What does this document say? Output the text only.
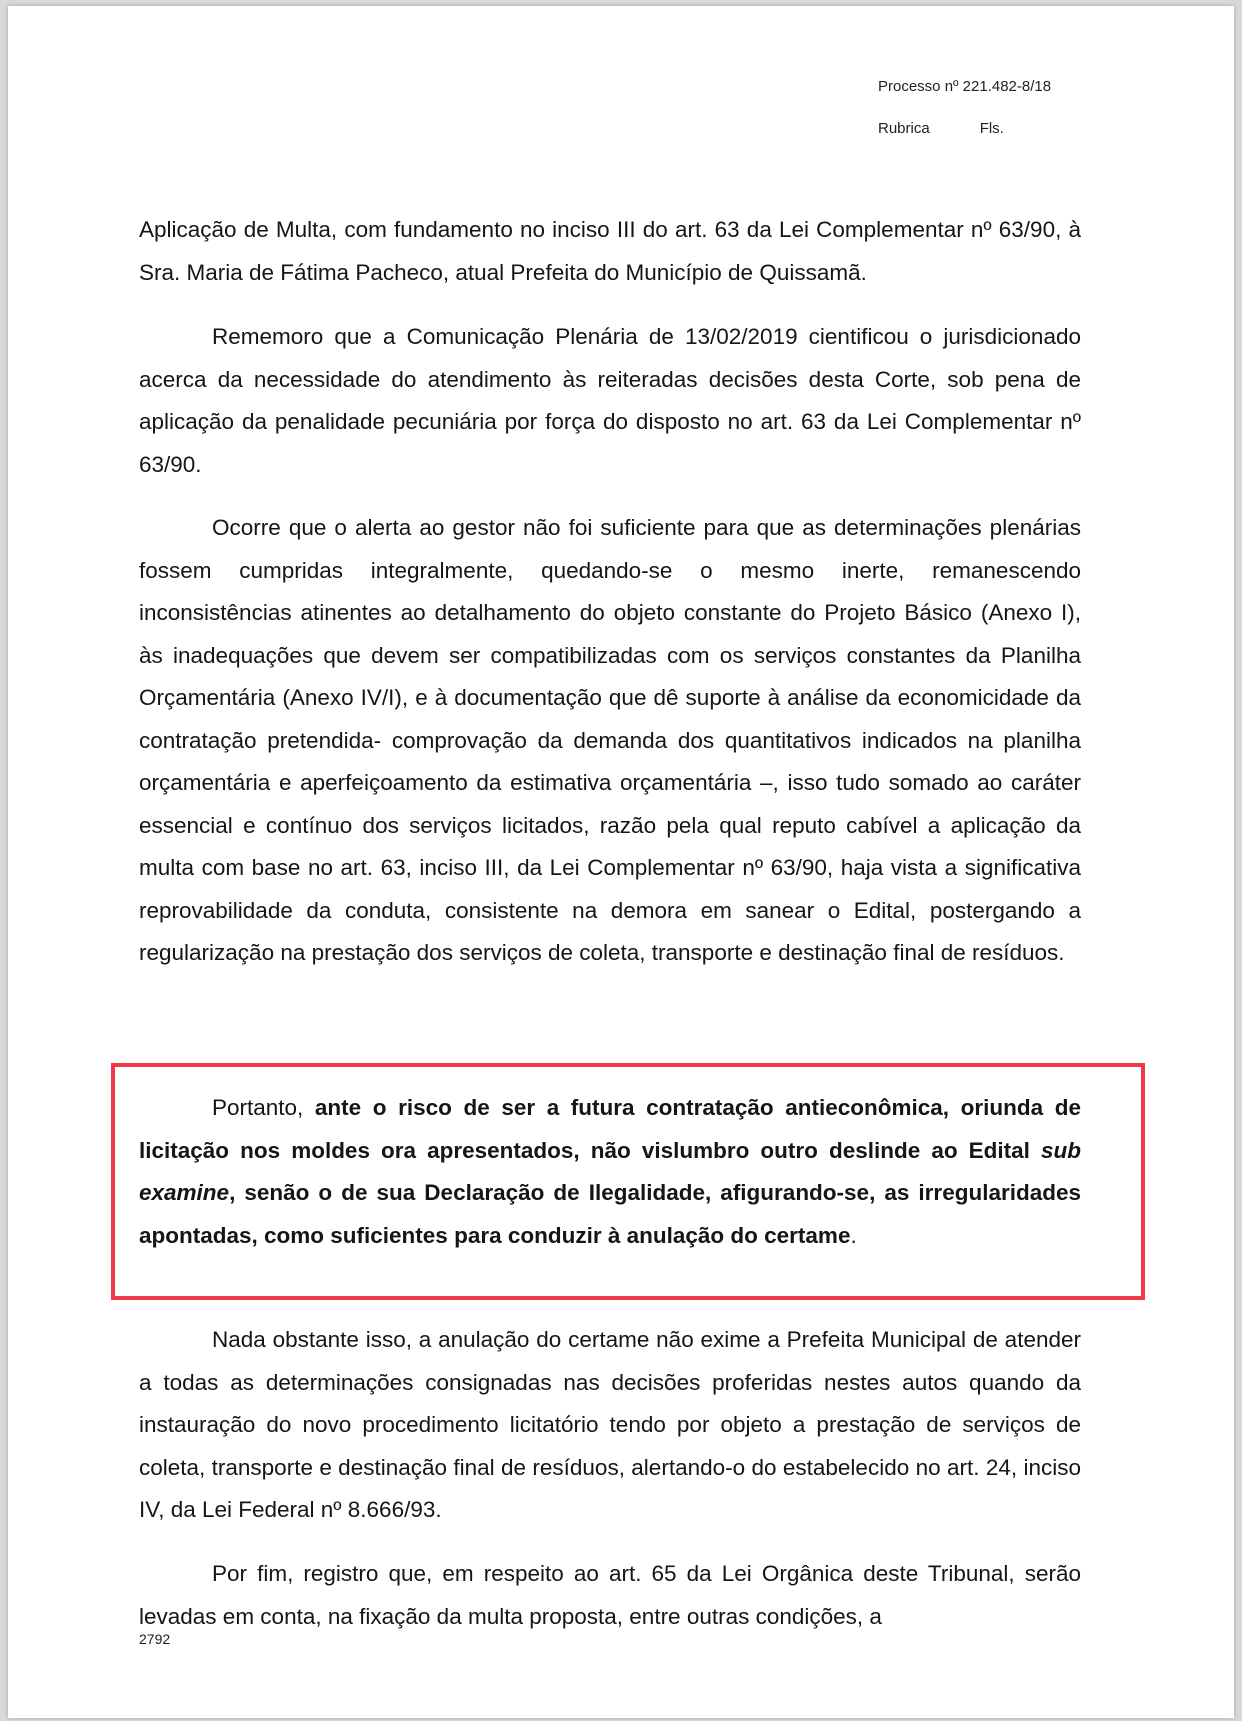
Processo nº 221.482-8/18
Rubrica	Fls.

Aplicação de Multa, com fundamento no inciso III do art. 63 da Lei Complementar nº 63/90, à Sra. Maria de Fátima Pacheco, atual Prefeita do Município de Quissamã.

Rememoro que a Comunicação Plenária de 13/02/2019 cientificou o jurisdicionado acerca da necessidade do atendimento às reiteradas decisões desta Corte, sob pena de aplicação da penalidade pecuniária por força do disposto no art. 63 da Lei Complementar nº 63/90.

Ocorre que o alerta ao gestor não foi suficiente para que as determinações plenárias fossem cumpridas integralmente, quedando-se o mesmo inerte, remanescendo inconsistências atinentes ao detalhamento do objeto constante do Projeto Básico (Anexo I), às inadequações que devem ser compatibilizadas com os serviços constantes da Planilha Orçamentária (Anexo IV/I), e à documentação que dê suporte à análise da economicidade da contratação pretendida- comprovação da demanda dos quantitativos indicados na planilha orçamentária e aperfeiçoamento da estimativa orçamentária –, isso tudo somado ao caráter essencial e contínuo dos serviços licitados, razão pela qual reputo cabível a aplicação da multa com base no art. 63, inciso III, da Lei Complementar nº 63/90, haja vista a significativa reprovabilidade da conduta, consistente na demora em sanear o Edital, postergando a regularização na prestação dos serviços de coleta, transporte e destinação final de resíduos.

Portanto, ante o risco de ser a futura contratação antieconômica, oriunda de licitação nos moldes ora apresentados, não vislumbro outro deslinde ao Edital sub examine, senão o de sua Declaração de Ilegalidade, afigurando-se, as irregularidades apontadas, como suficientes para conduzir à anulação do certame.

Nada obstante isso, a anulação do certame não exime a Prefeita Municipal de atender a todas as determinações consignadas nas decisões proferidas nestes autos quando da instauração do novo procedimento licitatório tendo por objeto a prestação de serviços de coleta, transporte e destinação final de resíduos, alertando-o do estabelecido no art. 24, inciso IV, da Lei Federal nº 8.666/93.

Por fim, registro que, em respeito ao art. 65 da Lei Orgânica deste Tribunal, serão levadas em conta, na fixação da multa proposta, entre outras condições, a

2792
